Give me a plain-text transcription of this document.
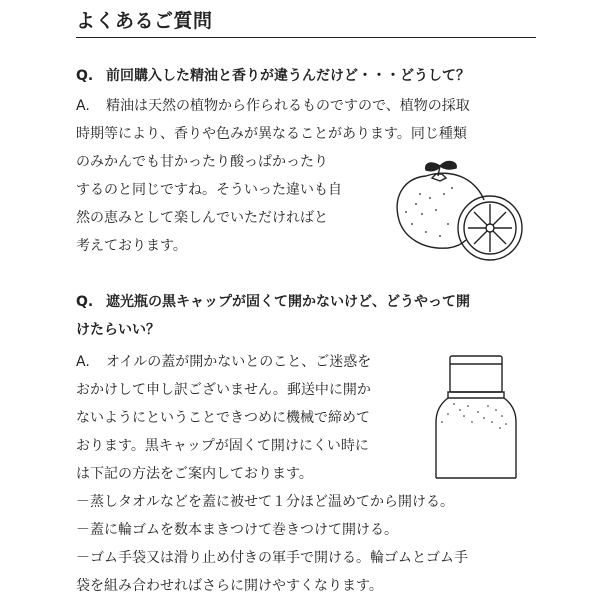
よくあるご質問
Q. 前回購入した精油と香りが違うんだけど・・・どうして？
A. 精油は天然の植物から作られるものですので、植物の採取
時期等により、香りや色みが異なることがあります。同じ種類
のみかんでも甘かったり酸っぱかったり
するのと同じですね。そういった違いも自
然の恵みとして楽しんでいただければと
考えております。
Q. 遮光瓶の黒キャップが固くて開かないけど、どうやって開
けたらいい？
A. オイルの蓋が開かないとのこと、ご迷惑を
おかけして申し訳ございません。郵送中に開か
ないようにということできつめに機械で締めて
おります。黒キャップが固くて開けにくい時に
は下記の方法をご案内しております。
－蒸しタオルなどを蓋に被せて１分ほど温めてから開ける。
－蓋に輪ゴムを数本まきつけて巻きつけて開ける。
－ゴム手袋又は滑り止め付きの軍手で開ける。輪ゴムとゴム手
袋を組み合わせればさらに開けやすくなります。
